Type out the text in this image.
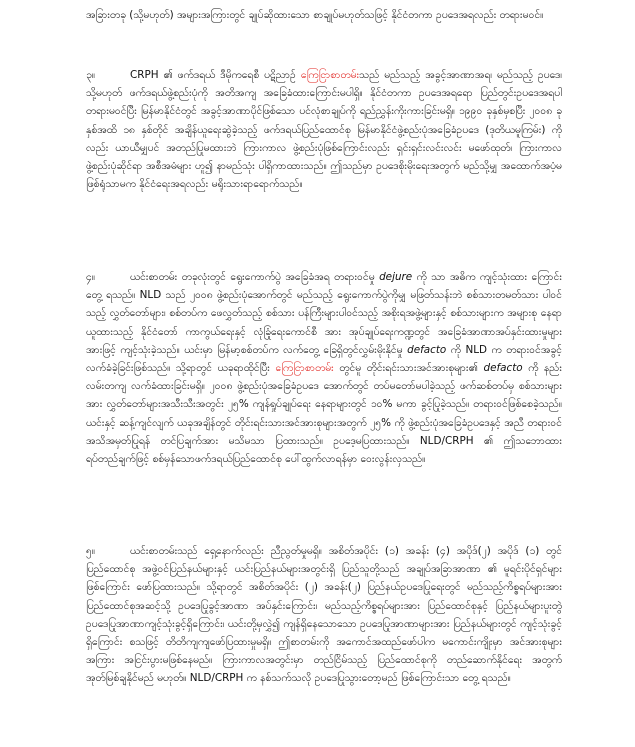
အခြားတခု (သို့မဟုတ်) အများအကြားတွင် ချုပ်ဆိုထားသော စာချုပ်မဟုတ်သဖြင့် နိုင်ငံတကာ ဥပဒေအရလည်း တရားမဝင်။

၃။	CRPH ၏ ဖက်ဒရယ် ဒီမိုကရေစီ ပဋိညာဉ် ကြေငြာစာတမ်းသည် မည်သည့် အခွင့်အာဏာအရ၊ မည်သည့် ဥပဒေ၊ သို့မဟုတ် ဖက်ဒရယ်ဖွဲ့စည်းပုံကို အတိအကျ အခြေခံထားကြောင်းမပါရှိ။ နိုင်ငံတကာ ဥပဒေအရရော ပြည်တွင်းဥပဒေအရပါ တရားမဝင်ပြီး မြန်မာနိုင်ငံတွင် အခွင့်အာဏာပိုင်ဖြစ်သော ပင်လုံစာချုပ်ကို ရည်ညွှန်းကိုးကားခြင်းမရှိ။ ၁၉၉၀ ခုနှစ်မှစပြီး ၂၀၀၈ ခုနှစ်အထိ ၁၈ နှစ်တိုင် အချိန်ယူရေးဆွဲခဲ့သည့် ဖက်ဒရယ်ပြည်ထောင်စု မြန်မာနိုင်ငံဖွဲ့စည်းပုံအခြေခံဥပဒေ (ဒုတိယမူကြမ်း) ကိုလည်း ယာယီမျှပင် အတည်ပြုမထားဘဲ ကြားကာလ ဖွဲ့စည်းပုံဖြစ်ကြောင်းလည်း ရှင်းရှင်းလင်းလင်း မဖော်ထုတ်၊ ကြားကာလ ဖွဲ့စည်းပုံဆိုင်ရာ အစီအမံများ ဟူ၍ နာမည်သုံး ပါရှိကာထားသည်။ ဤသည်မှာ ဥပဒေစိုးမိုးရေးအတွက် မည်သို့မျှ အထောက်အပံ့မဖြစ်ရုံသာမက နိုင်ငံရေးအရလည်း မရိုးသားရာရောက်သည်။

၄။	ယင်းစာတမ်း တခုလုံးတွင် ရွေးကောက်ပွဲ အခြေခံအရ တရားဝင်မှု dejure ကို သာ အဓိက ကျင့်သုံးထား ကြောင်းတွေ့ ရသည်။ NLD သည် ၂၀၀၈ ဖွဲ့စည်းပုံအောက်တွင် မည်သည့် ရွေးကောက်ပွဲကိုမျှ မဖြတ်သန်းဘဲ စစ်သားတမတ်သား ပါဝင်သည့် လွှတ်တော်များ၊ စစ်တပ်က ဖေလွှတ်သည့် စစ်သား ပန်ကြီးများပါဝင်သည့် အစိုးရအဖွဲ့များနှင့် စစ်သားများက အများစု နေရာယူထားသည့် နိုင်ငံတော် ကာကွယ်ရေးနှင့် လုံခြုံရေးကောင်စီ အား အုပ်ချုပ်ရေးကဏ္ဍတွင် အခြေခံအာဏာအပ်နှင်းထားမှုများ အားဖြင့် ကျင့်သုံးခဲ့သည်။ ယင်းမှာ မြန်မာ့စစ်တပ်က လက်တွေ့ ခြေရှိတွင်လွှမ်းမိုးနိုင်မှု defacto ကို NLD က တရားဝင်အခွင့် လက်ခံခဲ့ခြင်းဖြစ်သည်။ သို့ရာတွင် ယခုရာထိုင်ပြီး ကြေငြာစာတမ်း တွင်မူ တိုင်းရင်းသားအင်အားစုများ၏ defacto ကို နည်းလမ်းတကျ လက်ခံထားခြင်းမရှိ။ ၂၀၀၈ ဖွဲ့စည်းပုံအခြေခံဥပဒေ အောက်တွင် တပ်မတော်မပါခဲ့သည့် ဖက်ဆစ်တပ်မှ စစ်သားများအား လွှတ်တော်များအသီးသီးအတွင်း ၂၅% ကျန်ရှုပ်ချုပ်ရေး နေရာများတွင် ၁၀% မကာ ခွင့်ပြုခဲ့သည်။ တရားဝင်ဖြစ်စေခဲ့သည်။ ယင်းနှင့် ဆန့်ကျင်လျက် ယခုအချိန်တွင် တိုင်းရင်းသားအင်အားစုများအတွက် ၂၅% ကို ဖွဲ့စည်းပုံအခြေခံဥပဒေနှင့် အညီ တရားဝင်အသိအမှတ်ပြုရန် တင်ပြချက်အား မသိမသာ ပြထားသည်။ ဥပဒေ့မပြထားသည်။ NLD/CRPH ၏ ဤသဘောထားရပ်တည်ချက်ဖြင့် စစ်မှန်သောဖက်ဒရယ်ပြည်ထောင်စု ပေါ်ထွက်လာရန်မှာ ဝေးလွန်းလှသည်။

၅။	ယင်းစာတမ်းသည် ရှေ့နောက်လည်း ညီညွတ်မှုမရှိ။ အစိတ်အပိုင်း (၁) အခန်း (၄) အပိုဒ်(၂) အပိုဒ် (၁) တွင် ပြည်ထောင်စု အဖွဲ့ဝင်ပြည်နယ်များနှင့် ယင်းပြည်နယ်များအတွင်းရှိ ပြည်သူတို့သည် အချုပ်အခြာအာဏာ ၏ မူရင်းပိုင်ရှင်များဖြစ်ကြောင်း ဖော်ပြထားသည်။ သို့ရာတွင် အစိတ်အပိုင်း (၂) အခန်း(၂) ပြည်နယ်ဥပဒေပြုရေးတွင် မည်သည့်ကိစ္စရပ်များအား ပြည်ထောင်စုအဆင့်သို့ ဥပဒေပြုခွင့်အာဏာ အပ်နှင်းကြောင်း၊ မည်သည့်ကိစ္စရပ်များအား ပြည်ထောင်စုနှင့် ပြည်နယ်များပူးတွဲ ဥပဒေပြုအာဏာကျင့်သုံးခွင့်ရှိကြောင်း၊ ယင်းတို့မှလွှဲ၍ ကျန်ရှိနေသောသော ဥပဒေပြုအာဏာများအား ပြည်နယ်များတွင် ကျင့်သုံးခွင့်ရှိကြောင်း စသဖြင့် တိတိကျကျဖော်ပြထားမှုမရှိ။ ဤစာတမ်းကို အကောင်အထည်ဖော်ပါက မကောင်းကျိုးမှာ အင်အားစုများအကြား အငြင်းပွားမဖြစ်နေမည်။ ကြားကာလအတွင်းမှာ တည်ငြိမ်သည့် ပြည်ထောင်စုကို တည်ဆောက်နိုင်ရေး အတွက် အုတ်မြစ်ချနိုင်မည် မဟုတ်။ NLD/CRPH က နစ်သက်သလို ဥပဒေပြုသွားတော့မည် ဖြစ်ကြောင်းသာ တွေ့ ရသည်။
